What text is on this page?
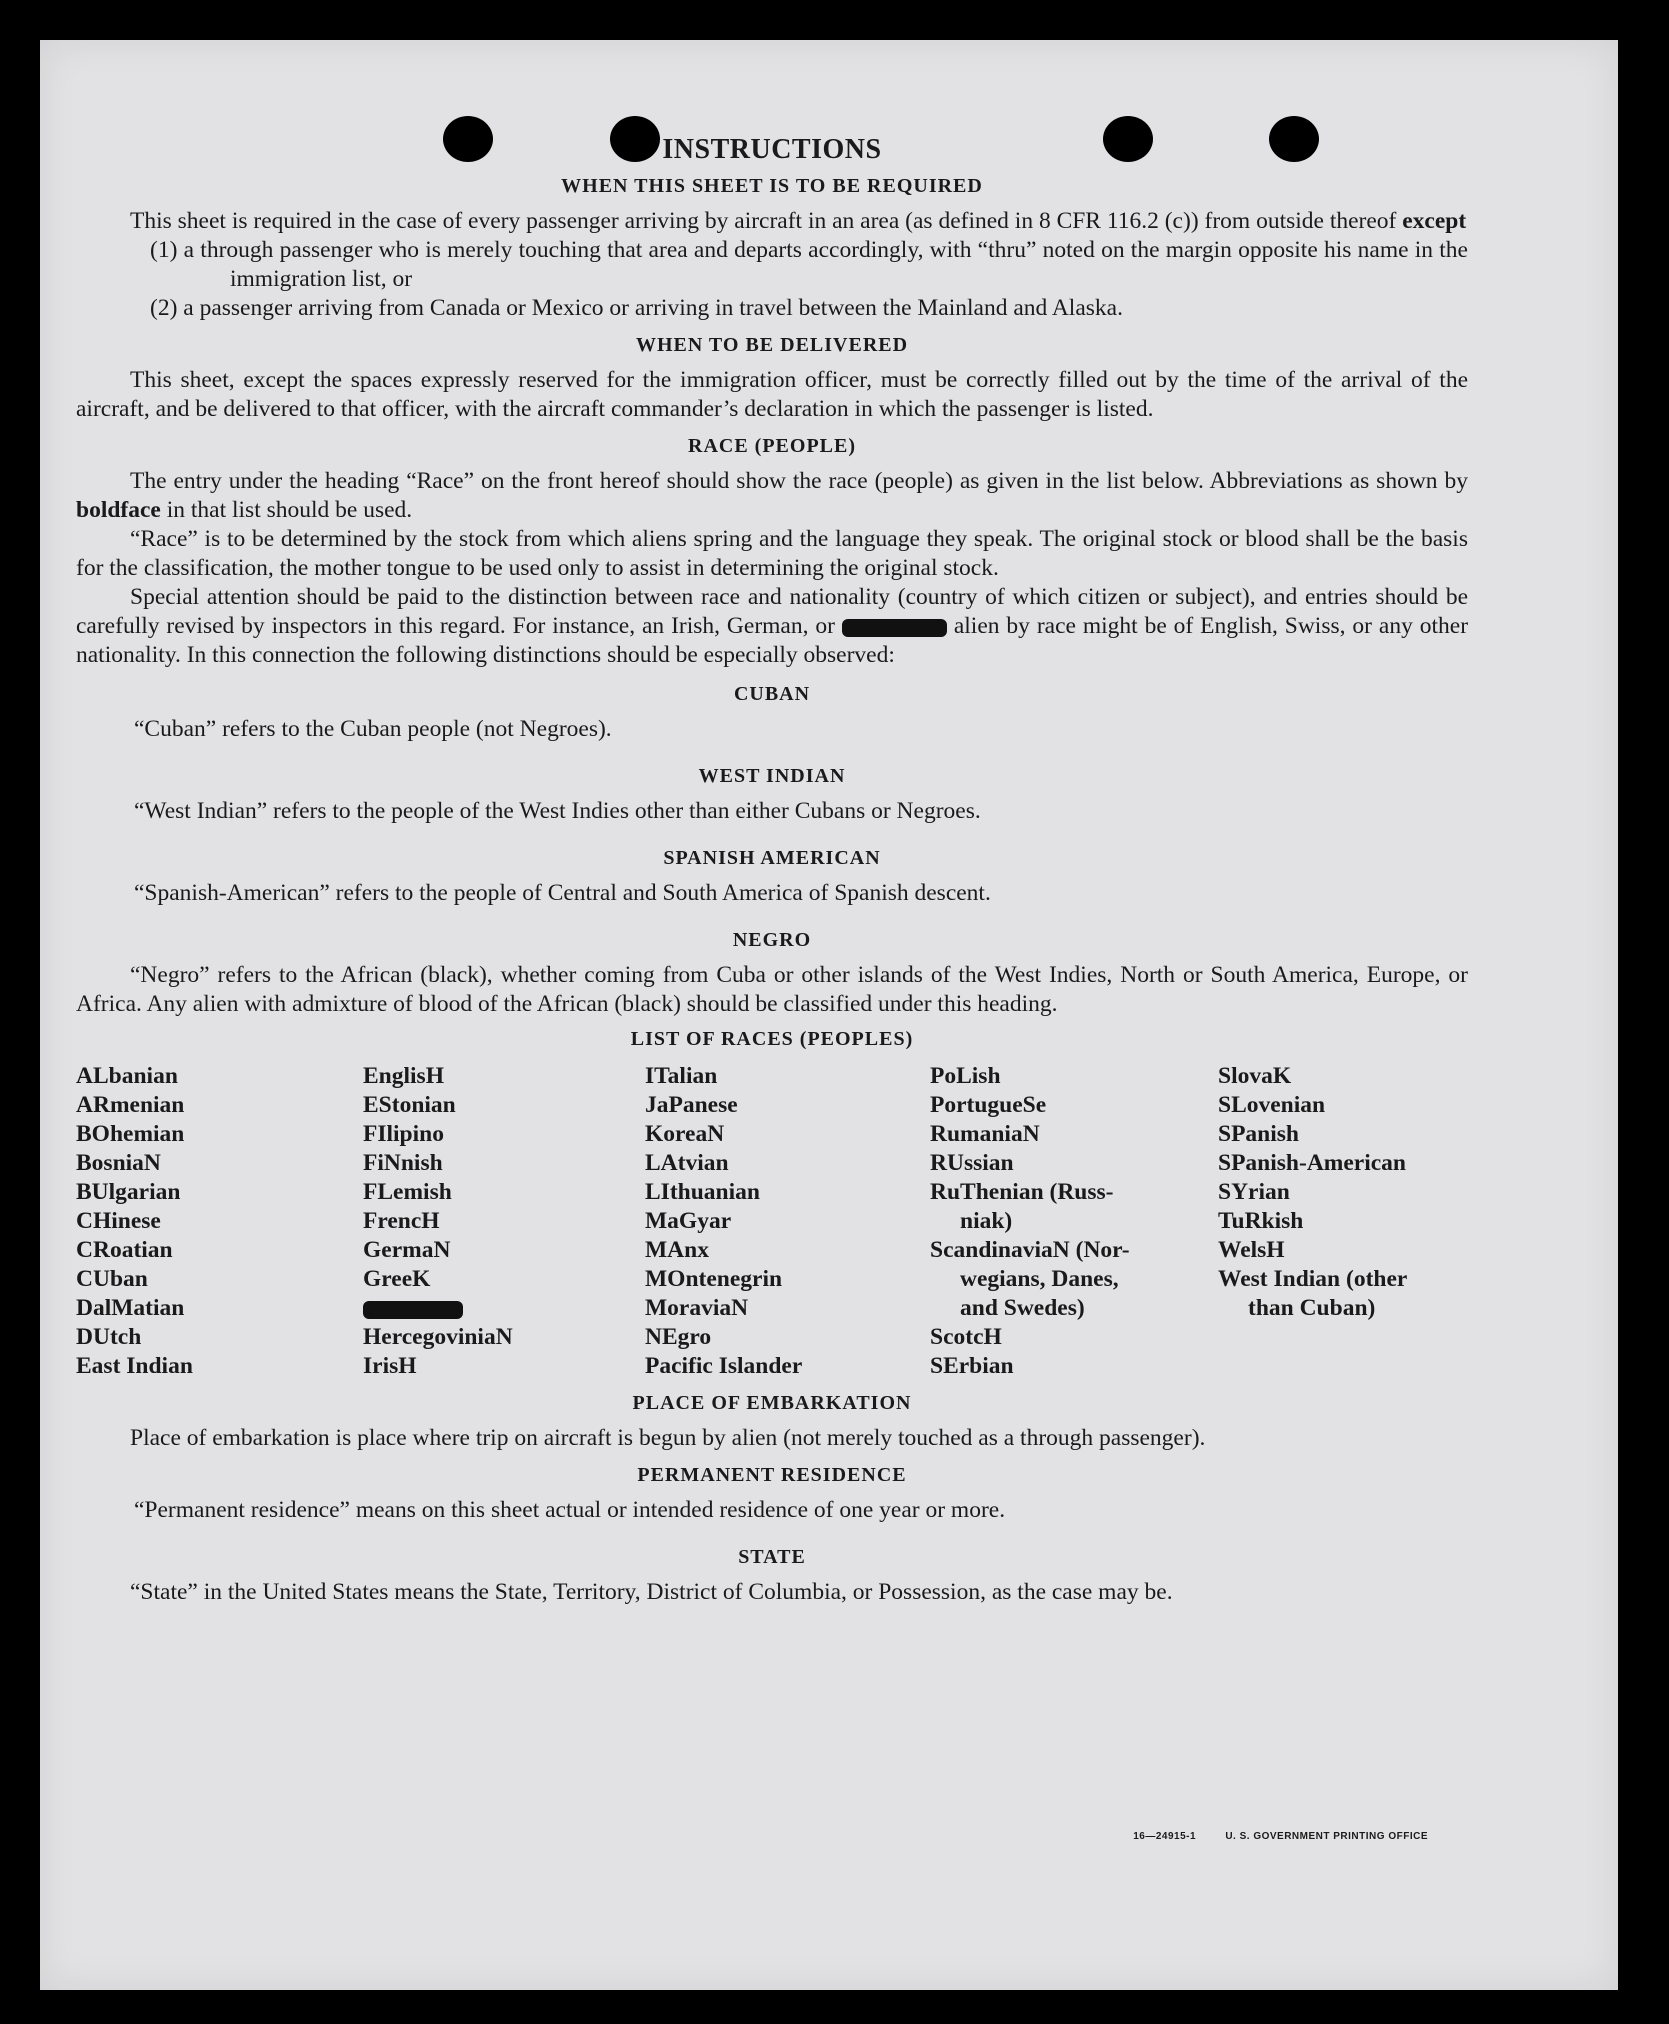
INSTRUCTIONS
WHEN THIS SHEET IS TO BE REQUIRED

This sheet is required in the case of every passenger arriving by aircraft in an area (as defined in 8 CFR 116.2 (c)) from outside thereof except

(1) a through passenger who is merely touching that area and departs accordingly, with “thru” noted on the margin opposite his name in the immigration list, or

(2) a passenger arriving from Canada or Mexico or arriving in travel between the Mainland and Alaska.

WHEN TO BE DELIVERED

This sheet, except the spaces expressly reserved for the immigration officer, must be correctly filled out by the time of the arrival of the aircraft, and be delivered to that officer, with the aircraft commander’s declaration in which the passenger is listed.

RACE (PEOPLE)

The entry under the heading “Race” on the front hereof should show the race (people) as given in the list below. Abbreviations as shown by boldface in that list should be used.

“Race” is to be determined by the stock from which aliens spring and the language they speak. The original stock or blood shall be the basis for the classification, the mother tongue to be used only to assist in determining the original stock.

Special attention should be paid to the distinction between race and nationality (country of which citizen or subject), and entries should be carefully revised by inspectors in this regard. For instance, an Irish, German, or	alien by race might be of English, Swiss, or any other nationality. In this connection the following distinctions should be especially observed:

CUBAN

“Cuban” refers to the Cuban people (not Negroes).

WEST INDIAN

“West Indian” refers to the people of the West Indies other than either Cubans or Negroes.

SPANISH AMERICAN

“Spanish-American” refers to the people of Central and South America of Spanish descent.

NEGRO

“Negro” refers to the African (black), whether coming from Cuba or other islands of the West Indies, North or South America, Europe, or Africa. Any alien with admixture of blood of the African (black) should be classified under this heading.

LIST OF RACES (PEOPLES)
ALbanian
ARmenian
BOhemian
BosniaN
BUlgarian
CHinese
CRoatian
CUban
DalMatian
DUtch
East Indian
EnglisH
EStonian
FIlipino
FiNnish
FLemish
FrencH
GermaN
GreeK
HercegoviniaN
IrisH
ITalian
JaPanese
KoreaN
LAtvian
LIthuanian
MaGyar
MAnx
MOntenegrin
MoraviaN
NEgro
Pacific Islander
PoLish
PortugueSe
RumaniaN
RUssian
RuThenian (Russ-
niak)
ScandinaviaN (Nor-
wegians, Danes,
and Swedes)
ScotcH
SErbian
SlovaK
SLovenian
SPanish
SPanish-American
SYrian
TuRkish
WelsH
West Indian (other
than Cuban)
PLACE OF EMBARKATION

Place of embarkation is place where trip on aircraft is begun by alien (not merely touched as a through passenger).

PERMANENT RESIDENCE

“Permanent residence” means on this sheet actual or intended residence of one year or more.

STATE

“State” in the United States means the State, Territory, District of Columbia, or Possession, as the case may be.

16—24915-1	U. S. GOVERNMENT PRINTING OFFICE
